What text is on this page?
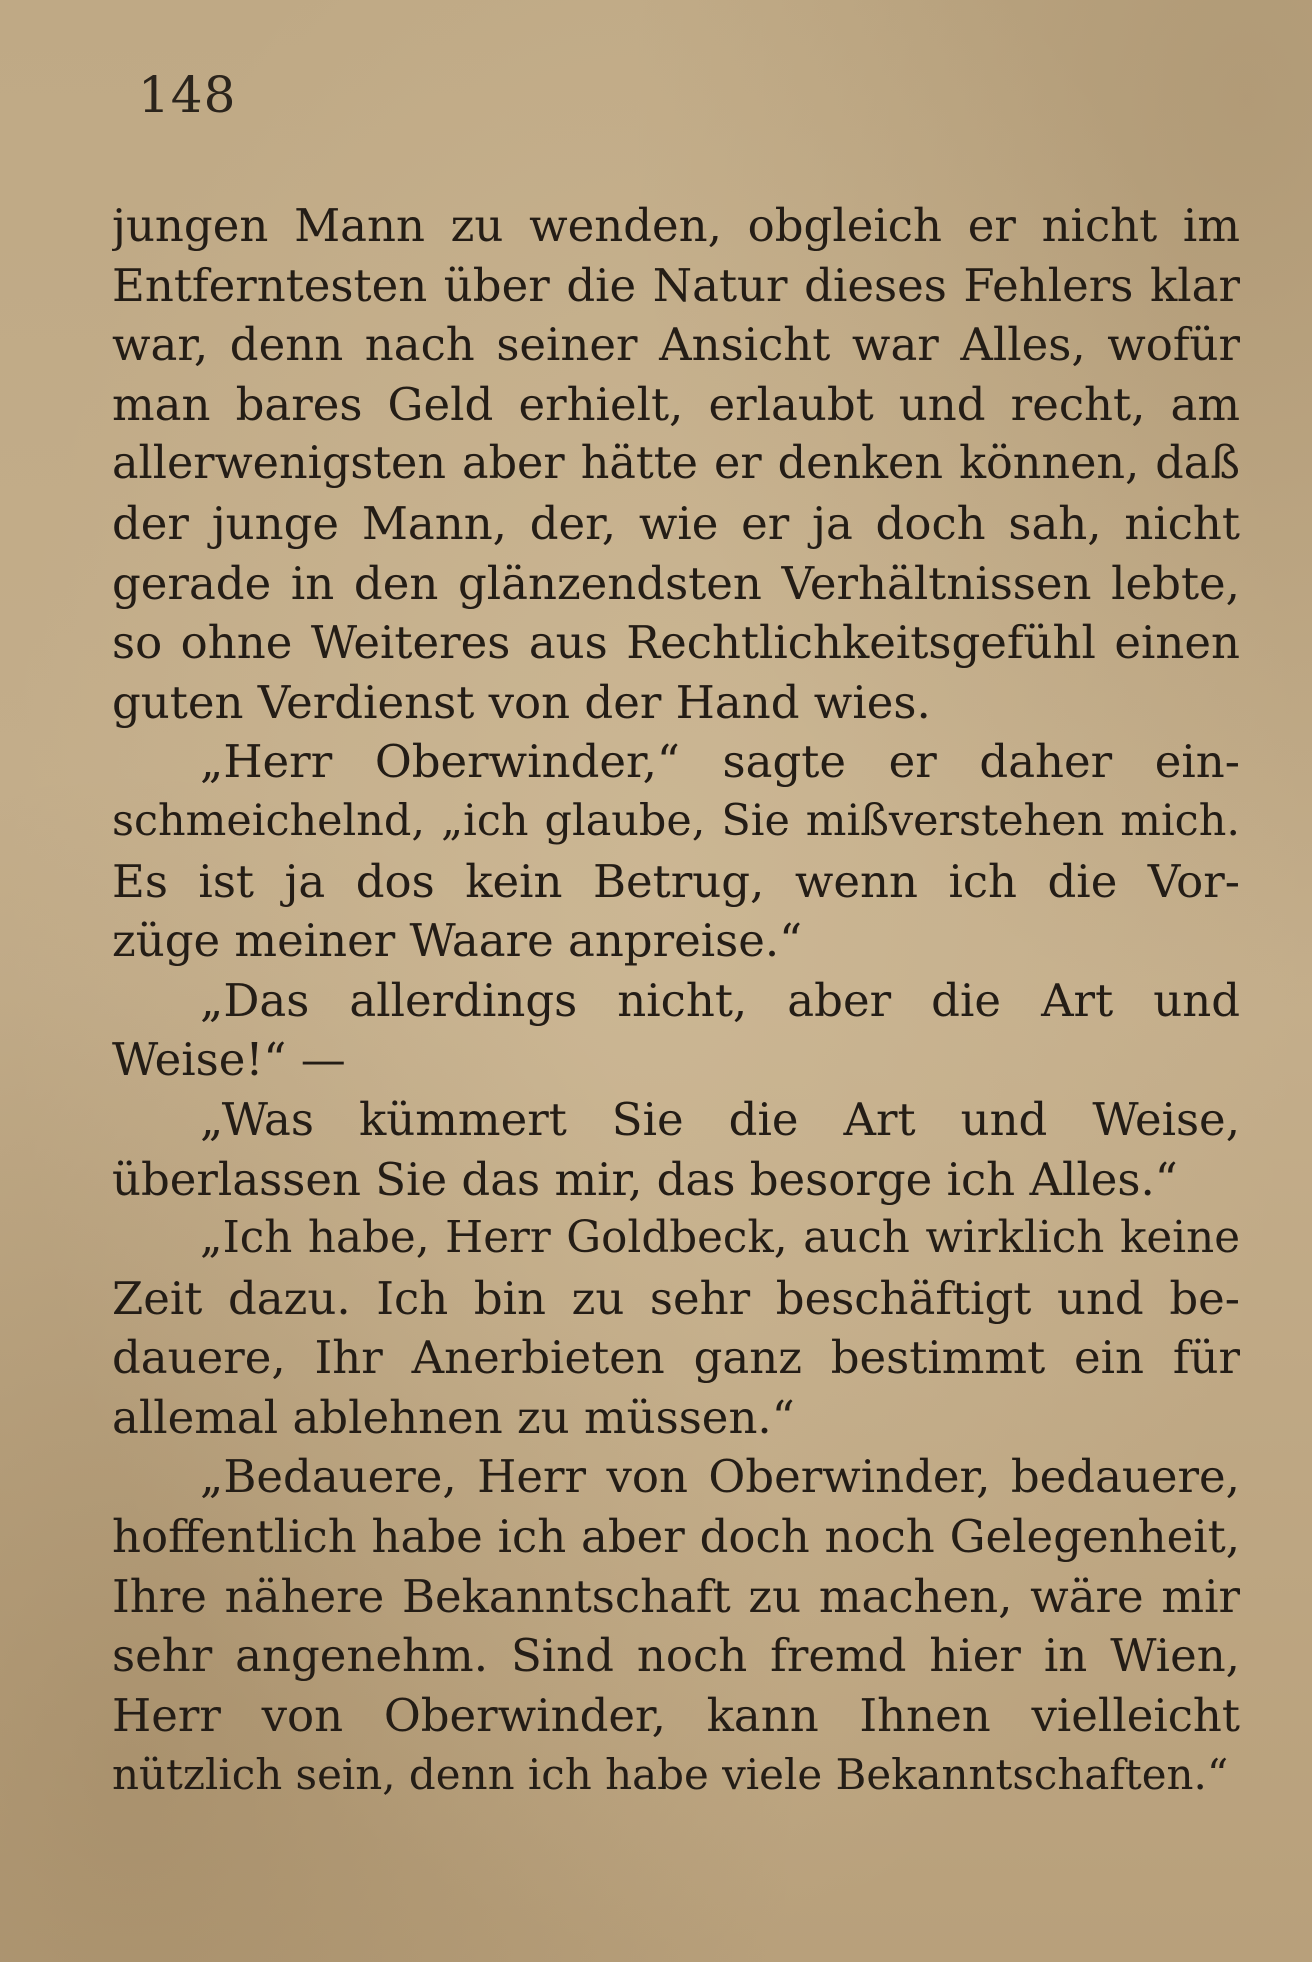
148
jungen Mann zu wenden, obgleich er nicht im
Entferntesten über die Natur dieses Fehlers klar
war, denn nach seiner Ansicht war Alles, wofür
man bares Geld erhielt, erlaubt und recht, am
allerwenigsten aber hätte er denken können, daß
der junge Mann, der, wie er ja doch sah, nicht
gerade in den glänzendsten Verhältnissen lebte,
so ohne Weiteres aus Rechtlichkeitsgefühl einen
guten Verdienst von der Hand wies.
„Herr Oberwinder,“ sagte er daher ein-
schmeichelnd, „ich glaube, Sie mißverstehen mich.
Es ist ja dos kein Betrug, wenn ich die Vor-
züge meiner Waare anpreise.“
„Das allerdings nicht, aber die Art und
Weise!“ —
„Was kümmert Sie die Art und Weise,
überlassen Sie das mir, das besorge ich Alles.“
„Ich habe, Herr Goldbeck, auch wirklich keine
Zeit dazu. Ich bin zu sehr beschäftigt und be-
dauere, Ihr Anerbieten ganz bestimmt ein für
allemal ablehnen zu müssen.“
„Bedauere, Herr von Oberwinder, bedauere,
hoffentlich habe ich aber doch noch Gelegenheit,
Ihre nähere Bekanntschaft zu machen, wäre mir
sehr angenehm. Sind noch fremd hier in Wien,
Herr von Oberwinder, kann Ihnen vielleicht
nützlich sein, denn ich habe viele Bekanntschaften.“
